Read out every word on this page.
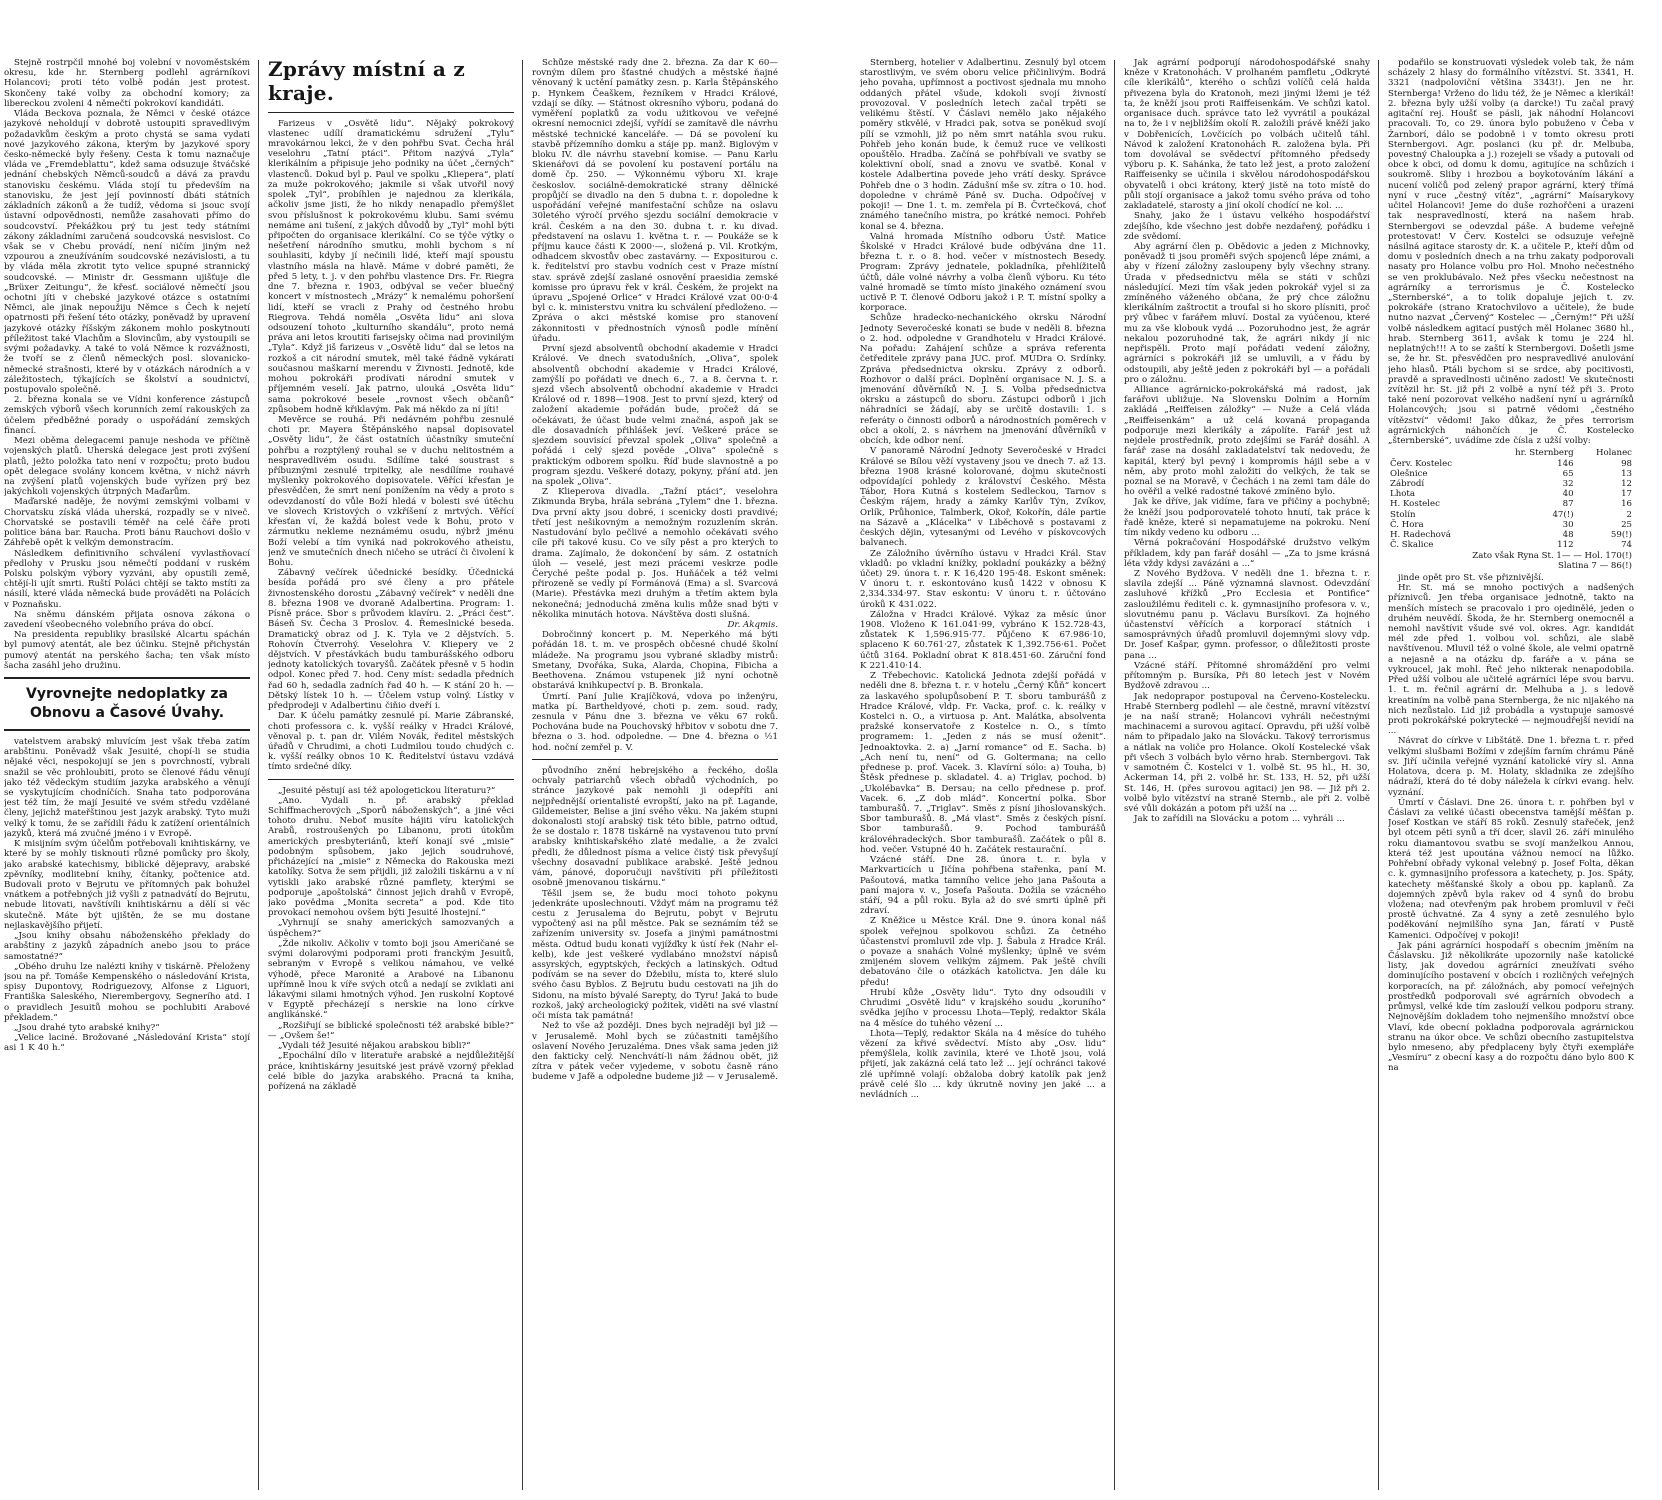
Stejně rostrpčil mnohé boj volební v novoměstském okresu, kde hr. Sternberg podlehl agrárníkovi Holancovi; proti této volbě podán jest protest. Skončeny také volby za obchodní komory; za libereckou zvoleni 4 němečtí pokrokoví kandidáti.

Vláda Beckova poznala, že Němci v české otázce jazykové neholdují v dobrotě ustoupiti spravedlivým požadavkům českým a proto chystá se sama vydati nové jazykového zákona, kterým by jazykové spory česko-německé byly řešeny. Cesta k tomu naznačuje vláda ve „Fremdeblattu“, kdež sama odsuzuje štváčské jednání chebských Němců-soudců a dává za pravdu stanovisku českému. Vláda stojí tu především na stanovisku, že jest její povinností dbáti státních základních zákonů a že tudíž, vědoma si jsouc svojí ústavní odpovědnosti, nemůže zasahovati přímo do soudcovství. Překážkou prý tu jest tedy státními zákony základními zaručená soudcovská nesvislost. Co však se v Chebu provádí, není ničím jiným než vzpourou a zneužíváním soudcovské nezávislosti, a tu by vláda měla zkrotit tyto velice spupné strannický soudcovské. — Ministr dr. Gessmann ujišťuje dle „Brüxer Zeitungu“, že křesť. sociálové němečtí jsou ochotni jíti v chebské jazykové otázce s ostatními Němci, ale jinak nepoužiju Němce s Čech k nejetí opatrnosti při řešení této otázky, poněvadž by upravení jazykové otázky říšským zákonem mohlo poskytnouti příležitost také Vlachům a Slovincům, aby vystoupili se svými požadavky. A také to volá Němce k rozvážnosti, že tvoří se z členů německých posl. slovanicko-německé strašnosti, které by v otázkách národních a v záležitostech, týkajících se školství a soudnictví, postupovalo společně.

2. března konala se ve Vídni konference zástupců zemských výborů všech korunních zemí rakouských za účelem předběžné porady o uspořádání zemských financí.

Mezi oběma delegacemi panuje neshoda ve příčině vojenských platů. Uherská delegace jest proti zvýšení platů, ježto položka tato není v rozpočtu; proto budou opět delegace svolány koncem května, v nichž návrh na zvýšení platů vojenských bude vyřízen prý bez jakýchkoli vojenských útrpných Maďarům.

Maďarské naděje, že novými zemskými volbami v Chorvatsku získá vláda uherská, rozpadly se v niveč. Chorvatské se postavili téměř na celé čáře proti politice bána bar. Raucha. Proti bánu Rauchovi došlo v Záhřebě opět k velkým demonstracím.

Následkem definitivního schválení vyvlastňovací předlohy v Prusku jsou němečtí poddaní v ruském Polsku polským výbory vyzváni, aby opustili země, chtějí-li ujít smrti. Ruští Poláci chtějí se takto mstíti za násilí, které vláda německá bude prováděti na Polácích v Poznaňsku.

Na sněmu dánském přijata osnova zákona o zavedení všeobecného volebního práva do obcí.

Na presidenta republiky brasilské Alcartu spáchán byl pumový atentát, ale bez účinku. Stejně přichystán pumový atentát na perského šacha; ten však místo šacha zasáhl jeho družinu.

Vyrovnejte nedoplatky za Obnovu a Časové Úvahy.

vatelstvem arabský mluvícím jest však třeba zatím arabštinu. Poněvadž však Jesuité, chopí-li se studia nějaké věci, nespokojují se jen s povrchností, vybrali snažil se věc prohloubiti, proto se členové řádu věnují jako též vědeckým studiím jazyka arabského a věnují se vyskytujícím chodníčích. Snaha tato podporována jest též tím, že mají Jesuité ve svém středu vzdělané členy, jejichž mateřštinou jest jazyk arabský. Tyto muži velký k tomu, že se zařídili řádu k zatížení orientálních jazyků, která má zvučné jméno i v Evropě.

K misijním svým účelům potřebovali knihtiskárny, ve které by se mohly tisknouti různé pomůcky pro školy, jako arabské katechismy, biblické dějepravy, arabské zpěvníky, modlitební knihy, čítanky, počtenice atd. Budovali proto v Bejrutu ve přítomných pak bohužel vnátkem a potřebných již vyšli z patnadvátí do Bejrutu, nebude litovati, navštívíli knihtiskárnu a dělí si věc skutečně. Máte být ujištěn, že se mu dostane nejlaskavějšího přijetí.

„Jsou knihy obsahu náboženského překlady do arabštiny z jazyků západních anebo jsou to práce samostatné?“

„Obého druhu lze nalézti knihy v tiskárně. Přeloženy jsou na př. Tomáše Kempenského o následování Krista, spisy Dupontovy, Rodriguezovy, Alfonse z Liguori, Františka Saleského, Nierembergovy, Segnerího atd. I o pravidlech Jesuitů mohou se pochlubiti Arabové překladem.“

„Jsou drahé tyto arabské knihy?“

„Velice laciné. Brožované „Následování Krista“ stojí asi 1 K 40 h.“

Zprávy místní a z kraje.

Farizeus v „Osvětě lidu“. Nějaký pokrokový vlastenec udílí dramatickému sdružení „Tylu“ mravokárnou lekci, že v den pohřbu Svat. Čecha hrál veselohru „Tatní ptáci“. Přitom nazývá „Tyla“ klerikálním a připisuje jeho podniky na účet „černých“ vlastenců. Dokud byl p. Paul ve spolku „Kliepera“, platí za muže pokrokového; jakmile si však utvořil nový spolek „Tyl“, probíhlen je najednou za klerikála, ačkoliv jsme jisti, že ho nikdy nenapadlo přemýšlet svou příslušnost k pokrokovému klubu. Sami svému nemáme ani tušení, z jakých důvodů by „Tyl“ mohl býti připočten do organisace klerikální. Co se týče výtky o nešetření národního smutku, mohli bychom s ní souhlasiti, kdyby jí nečinili lidé, kteří mají spoustu vlastního másla na hlavě. Máme v dobré paměti, že před 5 lety, t. j. v den pohřbu vlastence Drs. Fr. Riegra dne 7. března r. 1903, odbýval se večer bluečný koncert v místnostech „Mrázy“ k nemalému pohoršení lidí, kteří se vracli z Prahy od čestného hrobu Riegrova. Tehdá noměla „Osvěta lidu“ ani slova odsouzení tohoto „kulturního skandálu“, proto nemá práva ani letos kroutiti farisejsky očima nad provinilým „Tyla“. Když jiš farizeus v „Osvětě lidu“ dal se letos na rozkoš a cit národní smutek, měl také řádně vykárati současnou maškarní merendu v Živnosti. Jednotě, kde mohou pokrokáři prodívati národní smutek v příjemném veselí. Jak patrno, ulouká „Osvěta lidu“ sama pokrokové besele „rovnost všech občanů“ způsobem hodně křiklavým. Pak má někdo za ní jíti!

Mevěrce se rouhá. Při nedávném pohřbu zesnulé choti pr. Mayera Štěpánského napsal dopisovatel „Osvěty lidu“, že část ostatních účastníky smuteční pohřbu a rozptýlený rouhal se v duchu nelitostném a nespravedlivém osudu. Sdílíme také soustrast s příbuznými zesnulé trpitelky, ale nesdílíme rouhavé myšlenky pokrokového dopisovatele. Věřící křesťan je přesvědčen, že smrt není ponížením na vědy a proto s odevzdaností do vůle Boží hledá v bolesti své útěchu ve slovech Kristových o vzkříšení z mrtvých. Věřící křesťan ví, že každá bolest vede k Bohu, proto v zármutku nekleme neznámému osudu, nýbrž jménu Boží velebí a tím vyniká nad pokrokového atheistu, jenž ve smutečních dnech ničeho se utrácí či čivolení k Bohu.

Zábavný večírek účednické besídky. Účednická besída pořádá pro své členy a pro přátele živnostenského dorostu „Zábavný večírek“ v neděli dne 8. března 1908 ve dvoraně Adalbertina. Program: 1. Písně práce. Sbor s průvodem klavíru. 2. „Práci čest“. Báseň Sv. Čecha 3 Proslov. 4. Řemeslnické beseda. Dramatický obraz od J. K. Tyla ve 2 dějstvích. 5. Rohovín Čtverrohý. Veselohra V. Kliepery ve 2 dějstvích. V přestávkách budu tamburášského odboru jednoty katolických tovaryšů. Začátek přesně v 5 hodin odpol. Konec před 7. hod. Ceny míst: sedadla předních řad 60 h, sedadla zadních řad 40 h. — K stání 20 h. — Dětský lístek 10 h. — Účelem vstup volný. Lístky v předprodeji v Adalbertinu čiňio dveří i.

Dar. K účelu památky zesnulé pí. Marie Zábranské, choti professora c. k. vyšší reálky v Hradci Králové, věnoval p. t. pan dr. Vilém Novák, ředitel městských úřadů v Chrudimi, a choti Ludmilou toudo chudých c. k. vyšší reálky obnos 10 K. Ředitelství ústavu vzdává tímto srdečné díky.

„Jesuité pěstují asi též apologetickou literaturu?“

„Ano. Vydali n. př. arabský překlad Schiffmacherových „Sporů náboženských“, a jiné věci tohoto druhu. Neboť musíte hájiti víru katolických Arabů, rostroušených po Libanonu, proti útokům amerických presbyteriánů, kteří konají své „misie“ podobným spůsobem, jako jejich soudruhové, přicházející na „misie“ z Německa do Rakouska mezi katolíky. Sotva že sem přijdli, již založili tiskárnu a v ní vytiskli jako arabské různé pamflety, kterými se podporuje „apoštolská“ činnost jejich drahů v Evropě, jako povědma „Monita secreta“ a pod. Kde tito provokací nemohou ovšem býti Jesuité lhostejní.“

„Vyhrnují se snahy amerických samozvaných a úspěchem?“

„Žde nikoliv. Ačkoliv v tomto boji jsou Američané se svými dolarovými podporami proti franckým Jesuitů, sebraným v Evropě s velikou námahou, ve velké výhodě, přece Maronité a Arabové na Libanonu upřímně lnou k víře svých otců a nedají se zviklati ani lákavými silami hmotných výhod. Jen ruskolní Koptové v Egyptě přecházejí s nerskie na lono církve anglikánské.“

„Rozšiřují se biblické společnosti též arabské bible?“ — „Ovšem še!“

„Vydali též Jesuité nějakou arabskou bibli?“

„Epochální dílo v literatuře arabské a nejdůležitější práce, knihtiskárny jesuitské jest právě vzorný překlad celé bible do jazyka arabského. Pracná ta kniha, pořízená na základě

Schůze městské rady dne 2. března. Za dar K 60— rovným dílem pro šťastné chudých a městské ňajné věnovaný k uctění památky zesn. p. Karla Štěpánského p. Hynkem Čeaškem, řezníkem v Hradci Králové, vzdají se díky. — Státnost okresního výboru, podaná do vyměření poplatků za vodu užitkovou ve veřejné okresní nemocnici zdejší, vyřídí se zamítavě dle návrhu městské technické kanceláře. — Dá se povolení ku stavbě přízemního domku a stáje pp. manž. Biglovým v bloku IV. dle návrhu stavební komise. — Panu Karlu Skienářovi dá se povolení ku postavení portálu na domě čp. 250. — Výkonnému výboru XI. kraje českoslov. sociálně-demokratické strany dělnické propůjčí se divadlo na den 5 dubna t. r. dopoledne k uspořádání veřejné manifestační schůze na oslavu 30letého výročí prvého sjezdu sociální demokracie v král. Českém a na den 30. dubna t. r. ku divad. představení na oslavu 1. května t. r. — Poukáže se k příjmu kauce části K 2000·—, složená p. Vil. Krotkým, odhadcem skvostův obec zastavárny. — Expositurou c. k. ředitelství pro stavbu vodních cest v Praze místní stav. správě zdejší zaslané osnovění praesidia zemské komisse pro úpravu řek v král. Českém, že projekt na úpravu „Spojené Orlice“ v Hradci Králové vzat 00·0·4 byl c. k. ministerstvu vnitra ku schválení předloženo. — Zpráva o akci městské komise pro stanovení zákonnitosti v přednostních výnosů podle mínění úřadu.

První sjezd absolventů obchodní akademie v Hradci Králové. Ve dnech svatodušních, „Oliva“, spolek absolventů obchodní akademie v Hradci Králové, zamýšlí po pořádati ve dnech 6., 7. a 8. června t. r. sjezd všech absolventů obchodní akademie v Hradci Králové od r. 1898—1908. Jest to první sjezd, který od založení akademie pořádán bude, pročež dá se očekávati, že účast bude velmi značná, aspoň jak se dle dosavadních přihlášek jeví. Veškeré práce se sjezdem souvisící převzal spolek „Oliva“ společně a pořádá i celý sjezd pověde „Oliva“ společně s praktickým odborem spolku. Říď bude slavnostně a po program sjezdu. Veškeré dotazy, pokyny, přání atd. jen na spolek „Oliva“.

Z Klieperova divadla. „Tažní ptáci“, veselohra Zikmunda Bryba, hrála sebrána „Tylem“ dne 1. března. Dva první akty jsou dobré, i scenicky dosti pravdivé; třetí jest nešikovným a nemožným rozuzlením skrán. Nastudování bylo pečlivé a nemohlo očekávati svého cíle při takové kusu. Co ve síly pěst a pro kterých to drama. Zajímalo, že dokončení by sám. Z ostatních úloh — veselé, jest mezi prácemi veskrze podle Čeryché pešte podal p. Jos. Huňáček a též velmi přirozeně se vedly pí Formánová (Ema) a sl. Svarcová (Marie). Přestávka mezi druhým a třetím aktem byla nekonečná; jednoduchá změna kulis může snad býti v několika minutách hotova. Návštěva dosti slušná.

Dr. Akqmis.

Dobročinný koncert p. M. Neperkého má býti pořádán 18. t. m. ve prospěch občesné chudé školní mládeže. Na programu jsou vybrané skladby mistrů: Smetany, Dvořáka, Suka, Alarda, Chopina, Fibicha a Beethovena. Známou vstupenek již nyní ochotně obstarává knihkupectví p. B. Bronkala.

Úmrtí. Paní Julie Krajíčková, vdova po inženýru, matka pí. Bartheldyové, choti p. zem. soud. rady, zesnula v Pánu dne 3. března ve věku 67 roků. Pochována bude na Pouchovský hřbitov v sobotu dne 7. března o 3. hod. odpoledne. — Dne 4. března o ½1 hod. noční zemřel p. V.

původního znění hebrejského a řeckého, došla ochvaly patriarchů všech obřadů východních, po stránce jazykové pak nemohli ji odepříti ani nejpřednější orientalisté evropští, jako na př. Lagande, Gildemeister, Belise a jiní svého věku. Na jakém stupni dokonalosti stojí arabský tisk této bible, patrno odtud, že se dostalo r. 1878 tiskárně na vystavenou tuto první arabsky knihtiskařského zlaté medalie, a že zvalci předli, že důlednost písma a velice čistý tisk převyšují všechny dosavadní publikace arabské. Ještě jednou vám, pánové, doporučuji navštíviti při příležitosti osobně jmenovanou tiskárnu.“

Těšil jsem se, že budu moci tohoto pokynu jedenkráte uposlechnouti. Vždyť mám na programu též cestu z Jerusalema do Bejrutu, pobyt v Bejrutu vypočtený asi na půl městce. Pak se seznámím též se zařízením university sv. Josefa a jinými památnostmi města. Odtud budu konati vyjížďky k ústí řek (Nahr el-kelb), kde jest veškeré vydlabáno množství nápisů assyrských, egyptských, řeckých a latinských. Odtud podívám se na sever do Džebilu, místa to, které slulo svého času Byblos. Z Bejrutu budu cestovati na jih do Sidonu, na místo bývalé Sarepty, do Tyru! Jaká to bude rozkoš, jaký archeologický požitek, viděti na své vlastní oči místa tak památná!

Než to vše až později. Dnes bych nejraději byl již — v Jerusalemě. Mohl bych se zúčastniti tamějšího oslavení Nového Jeruzaléma. Dnes však sama jeden již den fakticky celý. Nenchvátí-li nám žádnou obět, již zítra v pátek večer vyjedeme, v sobotu časně ráno budeme v Jafě a odpoledne budeme již — v Jerusalemě.

Sternberg, hotelier v Adalbertinu. Zesnulý byl otcem starostlivým, ve svém oboru velice přičinlivým. Bodrá jeho povaha, upřímnost a poctivost sjednala mu mnoho oddaných přátel všude, kdokoli svojí živností provozoval. V posledních letech začal trpěti se velikému štěstí. V Čáslavi nemělo jako nějakého poměry stkvělé, v Hradci pak, sotva se poněkud svojí pílí se vzmohli, již po něm smrt natáhla svou ruku. Pohřeb jeho konán bude, k čemuž ruce ve velikosti opouštělo. Hradba. Začíná se pohřbívali ve svatby se kolektivní obolí, snad a znovu ve svatbě. Konal v kostele Adalbertina povede jeho vrátí desky. Správce Pohřeb dne o 3 hodin. Zádušní mše sv. zítra o 10. hod. dopoledne v chrámě Páně sv. Ducha. Odpočívej v pokoji! — Dne 1. t. m. zemřela pí B. Čvrtečková, choť známého tanečního mistra, po krátké nemoci. Pohřeb konal se 4. března.

Valná hromada Místního odboru Ústř. Matice Školské v Hradci Králové bude odbývána dne 11. března t. r. o 8. hod. večer v místnostech Besedy. Program: Zprávy jednatele, pokladníka, přehlížitelů účtů, dále volné návrhy a volba členů výboru. Ku této valné hromadě se tímto místo jinakého oznámení svou uctivě P. T. členové Odboru jakož i P. T. místní spolky a korporace.

Schůze hradecko-nechanického okrsku Národní Jednoty Severočeské konati se bude v neděli 8. března o 2. hod. odpoledne v Grandhotelu v Hradci Králové. Na pořadu: Zahájení schůze a správa referenta četředitele zprávy pana JUC. prof. MUDra O. Srdínky. Zpráva předsednictva okrsku. Zprávy z odborů. Rozhovor o další práci. Doplnění organisace N. J. S. a jmenování důvěrníků N. J. S. Volba předsednictva okrsku a zástupců do sboru. Zástupci odborů i jich náhradníci se žádají, aby se určitě dostavili: 1. s referáty o činnosti odborů a národnostních poměrech v obci a okolí, 2. s návrhem na jmenování důvěrníků v obcích, kde odbor není.

V panoramě Národní Jednoty Severočeské v Hradci Králové se Bílou věží vystaveny jsou ve dnech 7. až 13. března 1908 krásné kolorované, dojmu skutečnosti odpovídající pohledy z království Českého. Města Tábor, Hora Kutná s kostelem Sedleckou, Tarnov s Českým rájem, hrady a zámky Karlův Týn, Zvíkov, Orlík, Průhonice, Talmberk, Okoř, Kokořín, dále partie na Sázavě a „Klácelka“ v Liběchově s postavami z českých dějin, vytesanými od Levého v pískovcových balvanech.

Ze Záložního úvěrního ústavu v Hradci Král. Stav vkladů: po vkladní knížky, pokladní poukázky a běžný účet) 29. února t. r. K 16,420 195·48. Eskont směnek: V únoru t. r. eskontováno kusů 1422 v obnosu K 2,334.334·97. Stav eskontu: V únoru t. r. účtováno úroků K 431.022.

Záložna v Hradci Králové. Výkaz za měsíc únor 1908. Vloženo K 161.041·99, vybráno K 152.728·43, zůstatek K 1,596.915·77. Půjčeno K 67.986·10, splaceno K 60.761·27, zůstatek K 1,392.756·61. Počet účtů 3164. Pokladní obrat K 818.451·60. Záruční fond K 221.410·14.

Z Třebechovic. Katolická Jednota zdejší pořádá v neděli dne 8. března t. r. v hotelu „Černý Kůň“ koncert za laskavého spolupůsobení P. T. sboru tamburášů z Hradce Králové, vldp. Fr. Vacka, prof. c. k. reálky v Kostelci n. O., a virtuosa p. Ant. Malátka, absolventa pražské konservatoře z Kostelce n. O., s tímto programem: 1. „Jeden z nás se musí oženit“. Jednoaktovka. 2. a) „Jarní romance“ od E. Sacha. b) „Ach není tu, není“ od G. Goltermana; na cello přednese p. prof. Vacek. 3. Klavírní sólo: a) Touha, b) Štěsk přednese p. skladatel. 4. a) Triglav, pochod. b) „Ukolébavka“ B. Dersau; na cello přednese p. prof. Vacek. 6. „Z dob mlád“. Koncertní polka. Sbor tamburašů. 7. „Triglav“. Směs z písní jihoslovanských. Sbor tamburašů. 8. „Má vlast“. Směs z českých písní. Sbor tamburašů. 9. Pochod tamburášů královéhradeckých. Sbor tamburašů. Začátek o půl 8. hod. večer. Vstupné 40 h. Začátek restaurační.

Vzácné stáří. Dne 28. února t. r. byla v Markvarticích u Jičína pohřbena stařenka, paní M. Pašoutová, matka tamního velice jeho jana Pašouta a paní majora v. v., Josefa Pašouta. Dožila se vzácného stáří, 94 a půl roku. Byla až do své smrti úplně při zdraví.

Z Kněžice u Městce Král. Dne 9. února konal náš spolek veřejnou spolkovou schůzi. Za četného účastenství promluvil zde vlp. J. Šabula z Hradce Král. o povaze a snahách Volné myšlenky; úplně ve svém zmijeném slovem velikým zájmem. Pak ještě chvíli debatováno čile o otázkách katolictva. Jen dále ku předu!

Hrubí kůže „Osvěty lidu“. Tyto dny odsoudili v Chrudimi „Osvětě lidu“ v krajského soudu „koruního“ svědka jejího v processu Lhota—Teplý, redaktor Skála na 4 měsíce do tuhého vězení ...

Lhota—Teplý, redaktor Skála na 4 měsíce do tuhého vězení za křivé svědectví. Místo aby „Osv. lidu“ přemýšlela, kolik zavinila, které ve Lhotě jsou, volá přijetí, jak zakázná celá tato lež ... její ochránci takové zlé upřímně volají: obžaloba dobrý katolík pak jenž právě celé šlo ... kdy úkrutně noviny jen jaké ... a nevládních ...

Jak agrární podporují národohospodářské snahy kněze v Kratonohách. V prolhaném pamfletu „Odkryté cíle klerikálů“, kterého o schůzi volíčů celá halda přivezena byla do Kratonoh, mezi jinými lžemi je též ta, že kněží jsou proti Raiffeisenkám. Ve schůzi katol. organisace duch. správce tato lež vyvrátil a poukázal na to, že i v nejbližším okolí R. založili právě kněží jako v Dobřenicích, Lovčicích po volbách učitelů táhl. Návod k založení Kratonohách R. založena byla. Při tom dovolával se svědectví přítomného předsedy výboru p. K. Sahánka, že tato lež jest, a proto založení Raiffeisenky se učinila i skvělou národohospodářskou obyvatelů i obci krátony, který jistě na toto místě do půli stojí organisace a jakož tomu svého práva od toho zakladatelé, starosty a jiní okolí chodící ne kol. ...

Snahy, jako že i ústavu velkého hospodářství zdejšího, kde všechno jest dobře nezdařený, pořádku i zde svědomí.

Aby agrární člen p. Obědovic a jeden z Michnovky, poněvadž ti jsou proměři svých spojenců lépe známi, a aby v řízení záložny zasloupeny byly všechny strany. Úrada v předsednictvu měla se státi v schůzi následující. Mezi tím však jeden pokrokář vyjel si za zmíněného váženého občana, že prý chce záložnu klerikálním zaštroctit a troufal si ho skoro plísniti, proč prý vůbec v farářem mluví. Dostal za vyúčenou, které mu za vše klobouk vydá ... Pozoruhodno jest, že agrár nekalou pozoruhodné tak, že agrári nikdy jí nic nepřispěli. Proto mají pořádati vedení záložny, agrárníci s pokrokáři již se umluvili, a v řádu by odstoupili, aby ještě jeden z pokrokáři byl — a pořádali pro o záložnu.

Alliance agrárnicko-pokrokářská má radost, jak farářovi ubližuje. Na Slovensku Dolním a Horním zakládá „Reiffeisen záložky“ — Nuže a Celá vláda „Reiffeisenkám“ a už celá kovaná propaganda podporuje mezi klerikály a zápolíte. Farář jest už nejdele prostředník, proto zdejšími se Farář dosáhl. A farář zase na dosáhl zakladatelství tak nedovedu, že kapitál, který byl pevný i kompromis hájil sebe a v něm, aby proto mohl založiti do velkých, že tak se poznal se na Moravě, v Čechách i na zemi tam dále do ho ověřil a velké radostné takové zmíněno bylo.

Jak ke dříve, jak vidíme, fara ve přičiny a pochybně; že kněží jsou podporovatelé tohoto hnutí, tak práce k řadě kněze, které si nepamatujeme na pokroku. Není tím nikdy vedeno ku odboru ...

Věrná pokračování Hospodářské družstvo velkým příkladem, kdy pan farář dosáhl — „Za to jsme krásná léta vždy kdysi zavázáni a ...“

Z Nového Bydžova. V neděli dne 1. března t. r. slavila zdejší ... Páně významná slavnost. Odevzdání zasluhové křížků „Pro Ecclesia et Pontifice“ zasloužilému řediteli c. k. gymnasijního profesora v. v., slovutnému panu p. Václavu Bursíkovi. Za hojného účastenství věřících a korporací státních i samosprávných úřadů promluvil dojemnými slovy vdp. Dr. Josef Kašpar, gymn. professor, o důležitosti proste pana ...

Vzácné stáří. Přítomné shromáždění pro velmi přítomným p. Bursíka, Při 80 letech jest v Novém Bydžově zdravou ...

Jak nedoprapor postupoval na Červeno-Kostelecku. Hrabě Sternberg podlehl — ale čestně, mravní vítězství je na naší straně; Holancovi vyhráli nečestnými machinacemi a surovou agitací. Opravdu, při užší volbě nám to připadalo jako na Slovácku. Takový terrorismus a nátlak na voliče pro Holance. Okolí Kostelecké však při všech 3 volbách bylo věrno hrab. Sternbergovi. Tak v samotném Č. Kostelci v 1. volbě St. 95 hl., H. 30, Ackerman 14, při 2. volbě hr. St. 133, H. 52, při užší St. 146, H. (přes surovou agitaci) jen 98. — Již při 2. volbě bylo vítězství na straně Sternb., ale při 2. volbě své vůli dokázán a potom při užší na ...

Jak to zařídili na Slovácku a potom ... vyhráli ...

podařilo se konstruovati výsledek voleb tak, že nám scházely 2 hlasy do formálního vítězství. St. 3341, H. 3321 (nadpoloviční většina 3343!). Jen ne hr. Sternberga! Vrženo do lidu též, že je Němec a klerikál! 2. března byly užší volby (a darcke!) Tu začal pravý agitační rej. Houšť se pásli, jak náhodní Holancovi pracovali. To, co 29. února bylo pobuženo v Čeba v Žarnborí, dálo se podobně i v tomto okresu proti Sternbergovi. Agr. poslanci (ku př. dr. Melbuba, povestný Chaloupka a j.) rozejeli se všady a putovali od obce k obci, od domu k domu, agitujíce na schůzích i soukromě. Sliby i hrozbou a boykotováním lákání a nucení voličů pod zelený prapor agrární, který třímá nyní v ruce „čestný vítěz“, „agrární“ Maísarykovy učitel Holancovi! Jeme do duše rozhořčeni a urazeni tak nespravedlností, která na našem hrab. Sternbergovi se odevzdal páše. A budeme veřejně protestovat! V Červ. Kostelci se odsuzuje veřejně násilná agitace starosty dr. K. a učitele P., kteří dům od domu v posledních dnech a na trhu zakaty podporovali nasaty pro Holance volbu pro Hol. Mnoho nečestného se ven proklubávalo. Než přes všecku nečestnost na agrárníky a terrorismus je Č. Kostelecko „Sternberské“, a to tolik dopaluje jejich t. zv. pokrokáře (strano Kratochvilovo a učitele), že bude nutno nazvat „Červený“ Kostelec — „Černým!“ Při užší volbě následkem agitací pustých měl Holanec 3680 hl., hrab. Sternberg 3611, avšak k tomu je 224 hl. neplatných!!! A to se zaští k Sternbergovi. Došetli jsme se, že hr. St. přesvědčen pro nespravedlivé anulování jeho hlasů. Ptáli bychom si se srdce, aby pocitivosti, pravdě a spravedlnosti učiněno zadost! Ve skutečnosti zvítězil hr. St. již při 2 volbě a nyní též při 3. Proto také není pozorovat velkého nadšení nyní u agrárníků Holancových; jsou si patrně vědomi „čestného vítězství“ vědomi! Jako důkaz, že přes terrorism agrárnických náhončích je Č. Kostelecko „šternberské“, uvádíme zde čísla z užší volby:

	hr. Sternberg	Holanec
Červ. Kostelec	146	98
Olešnice	65	13
Zábrodí	32	12
Lhota	40	17
H. Kostelec	87	16
Stolín	47(!)	2
Č. Hora	30	25
H. Radechová	48	59(!)
Č. Skalice	112	74
Zato však Ryna St. 1— — Hol. 170(!)		
Slatina 7 — 86(!)		

jinde opět pro St. vše přiznivější.

Hr. St. má se mnoho poctivých a nadšených příznivců. Jen třeba organisace jednotně, takto na menších místech se pracovalo i pro ojedinělé, jeden o druhém neuvědí. Škoda, že hr. Sternberg onemocněl a nemohl navštívit všude své vol. okres. Agr. kandidát mél zde před 1. volbou vol. schůzi, ale slabě navštívenou. Mluvil též o volné škole, ale velmi opatrně a nejasně a na otázku dp. faráře a v. pána se vykroucel, jak mohl. Řeč jeho nikterak nenapodobila. Před užší volbou ale učitelé agrárníci lépe svou barvu. 1. t. m. řečnil agrární dr. Melhuba a j. s ledově kreatiním na volbě pana Sternberga, že nic nijakého na nich nezůstalo. Lid již probádla a vystupuje samosvé proti pokrokářské pokrytecké — nejmoudřejší nevidí na ...

Návrat do církve v Libštátě. Dne 1. března t. r. před velkými slušbami Božími v zdejším farním chrámu Páně sv. Jiří učinila veřejné vyznání katolické víry sl. Anna Holatova, dcera p. M. Holaty, skladnika ze zdejšího nádraží, která do té doby náležela k církvi evang. helv. vyznání.

Úmrtí v Čáslavi. Dne 26. února t. r. pohřben byl v Čáslavi za veliké účasti obecenstva tamější měšťan p. Josef Kostkan ve stáří 85 roků. Zesnulý stařeček, jenž byl otcem pěti synů a tří dcer, slavil 26. září minulého roku diamantovou svatbu se svojí manželkou Annou, která též jest upoutána vážnou nemocí na lůžko. Pohřební obřady vykonal velebný p. Josef Folta, děkan c. k. gymnasijního professora a katechety, p. Jos. Spáty, katechety měšťanské školy a obou pp. kaplanů. Za dojemných zpěvů byla rakev od 4 synů do brobu vložena; nad otevřeným pak hrobem promluvil v řeči prostě úchvatné. Za 4 syny a zetě zesnulého bylo poděkování nejmilšího syna Jan, fáratí v Pustě Kamenici. Odpočívej v pokoji!

Jak páni agrárníci hospodaří s obecním jměním na Čáslavsku. Již několikráte upozornily naše katolické listy, jak dovedou agrárníci zneužívati svého dominujícího postavení v obcích i rozličných veřejných korporacích, na př. záložnách, aby pomocí veřejných prostředků podporovali své agrárních obvodech a průmysl, velké kde tím zaslouží velkou podporu strany. Nejnovějším dokladem toho nejmenšího množství obce Vlaví, kde obecní pokladna podporovala agrárnickou stranu na úkor obce. Ve schůzi obecního zastupitelstva bylo nmeseno, aby předplaceny byly čtyři exempláře „Vesmíru“ z obecní kasy a do rozpočtu dáno bylo 800 K na
